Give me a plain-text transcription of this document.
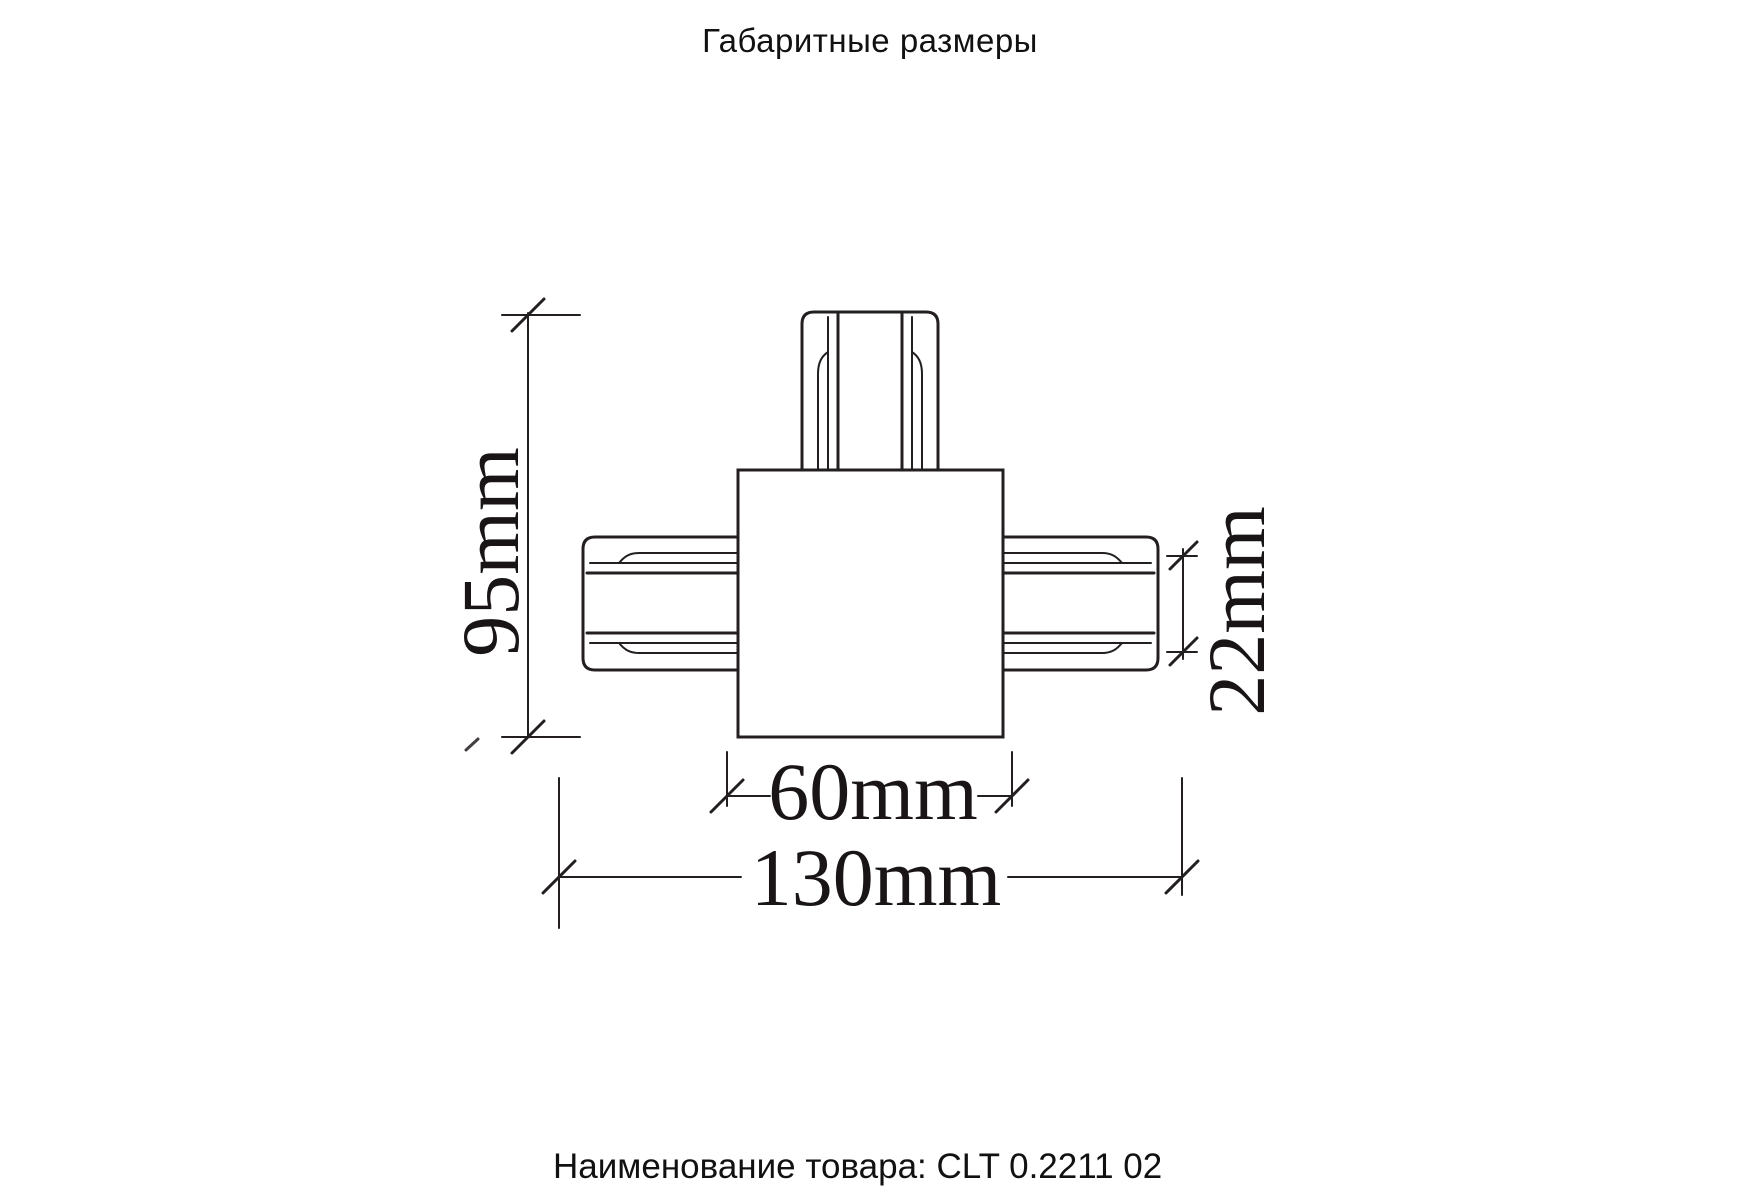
Габаритные размеры
95mm	22mm
60mm
130mm
Наименование товара: CLT 0.2211 02
